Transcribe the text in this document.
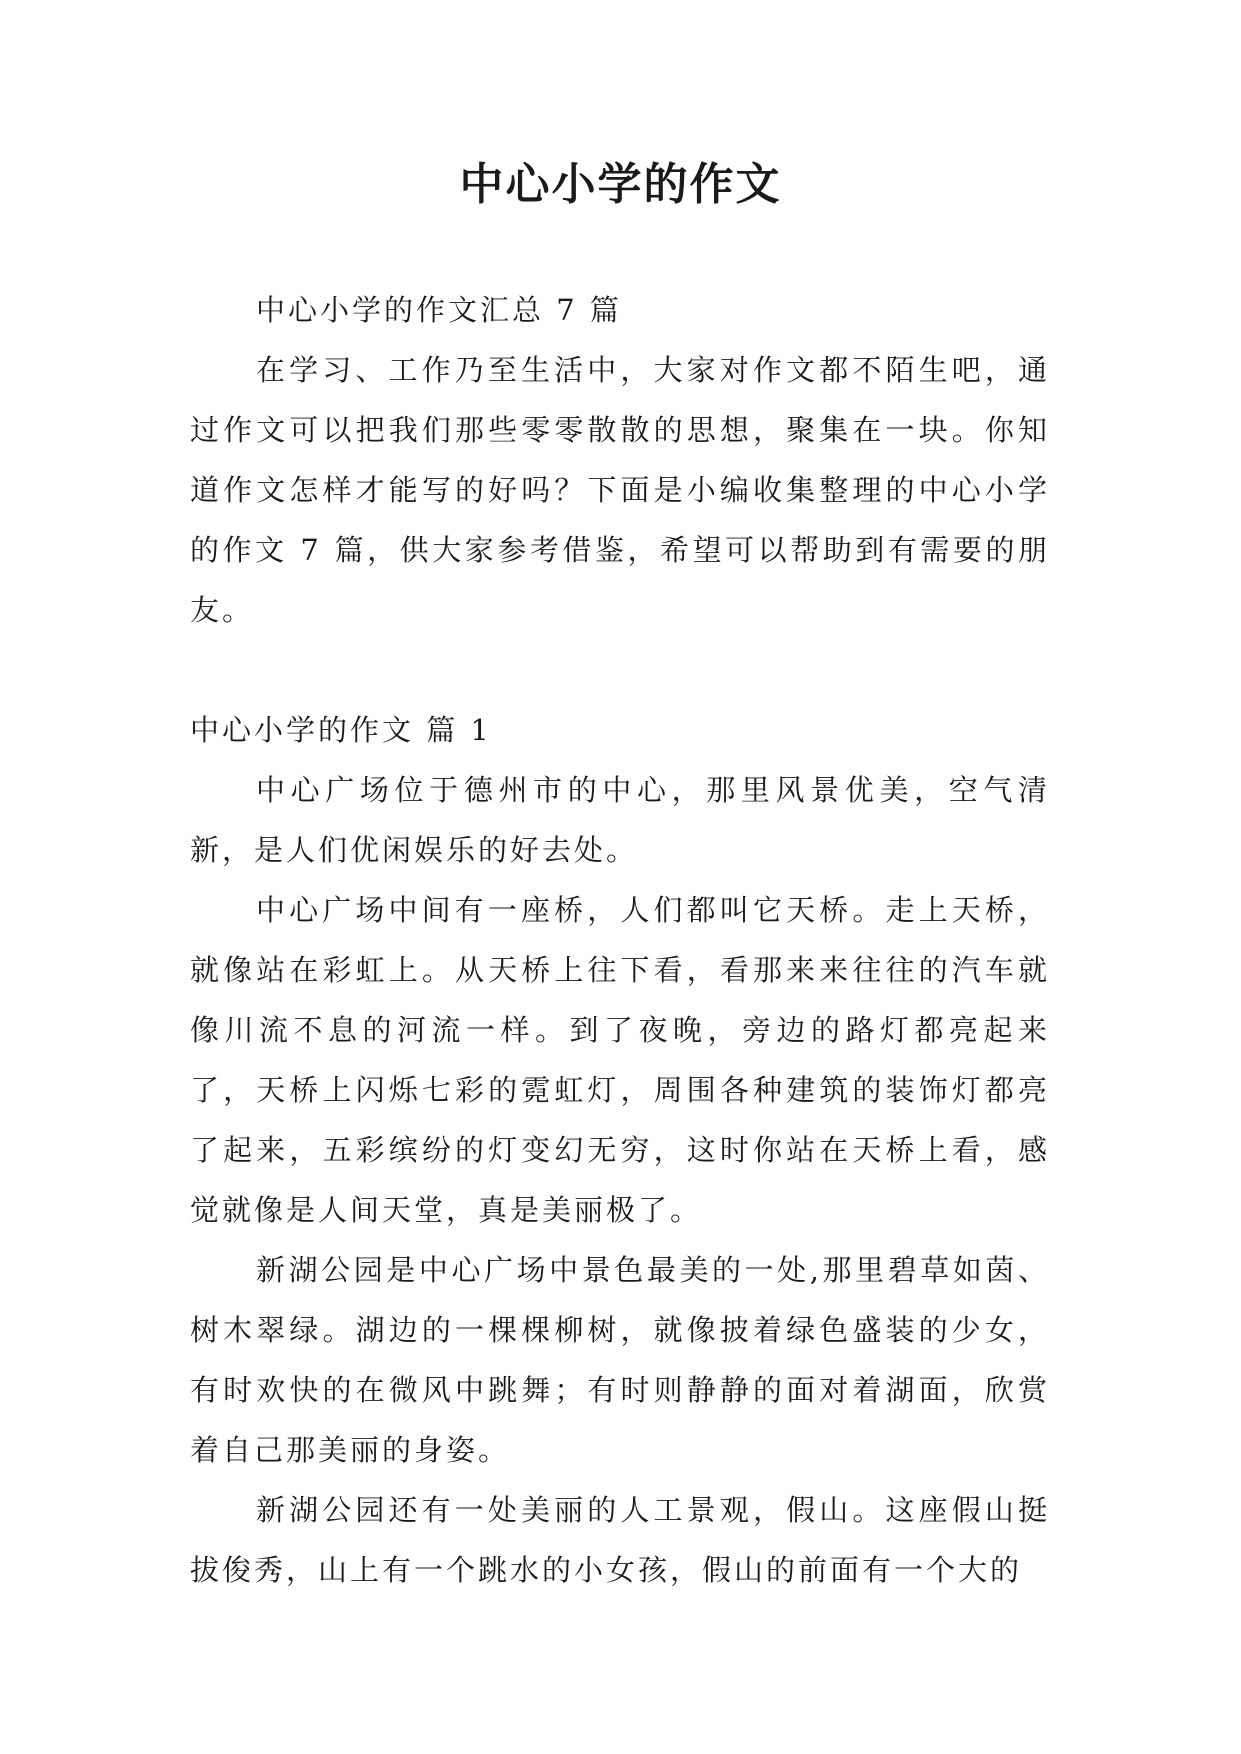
中心小学的作文

中心小学的作文汇总 7 篇

在学习、工作乃至生活中，大家对作文都不陌生吧，通过作文可以把我们那些零零散散的思想，聚集在一块。你知道作文怎样才能写的好吗？下面是小编收集整理的中心小学的作文 7 篇，供大家参考借鉴，希望可以帮助到有需要的朋友。

中心小学的作文 篇 1

中心广场位于德州市的中心，那里风景优美，空气清新，是人们优闲娱乐的好去处。

中心广场中间有一座桥，人们都叫它天桥。走上天桥，就像站在彩虹上。从天桥上往下看，看那来来往往的汽车就像川流不息的河流一样。到了夜晚，旁边的路灯都亮起来了，天桥上闪烁七彩的霓虹灯，周围各种建筑的装饰灯都亮了起来，五彩缤纷的灯变幻无穷，这时你站在天桥上看，感觉就像是人间天堂，真是美丽极了。

新湖公园是中心广场中景色最美的一处,那里碧草如茵、树木翠绿。湖边的一棵棵柳树，就像披着绿色盛装的少女，有时欢快的在微风中跳舞；有时则静静的面对着湖面，欣赏着自己那美丽的身姿。

新湖公园还有一处美丽的人工景观，假山。这座假山挺拔俊秀，山上有一个跳水的小女孩，假山的前面有一个大的
